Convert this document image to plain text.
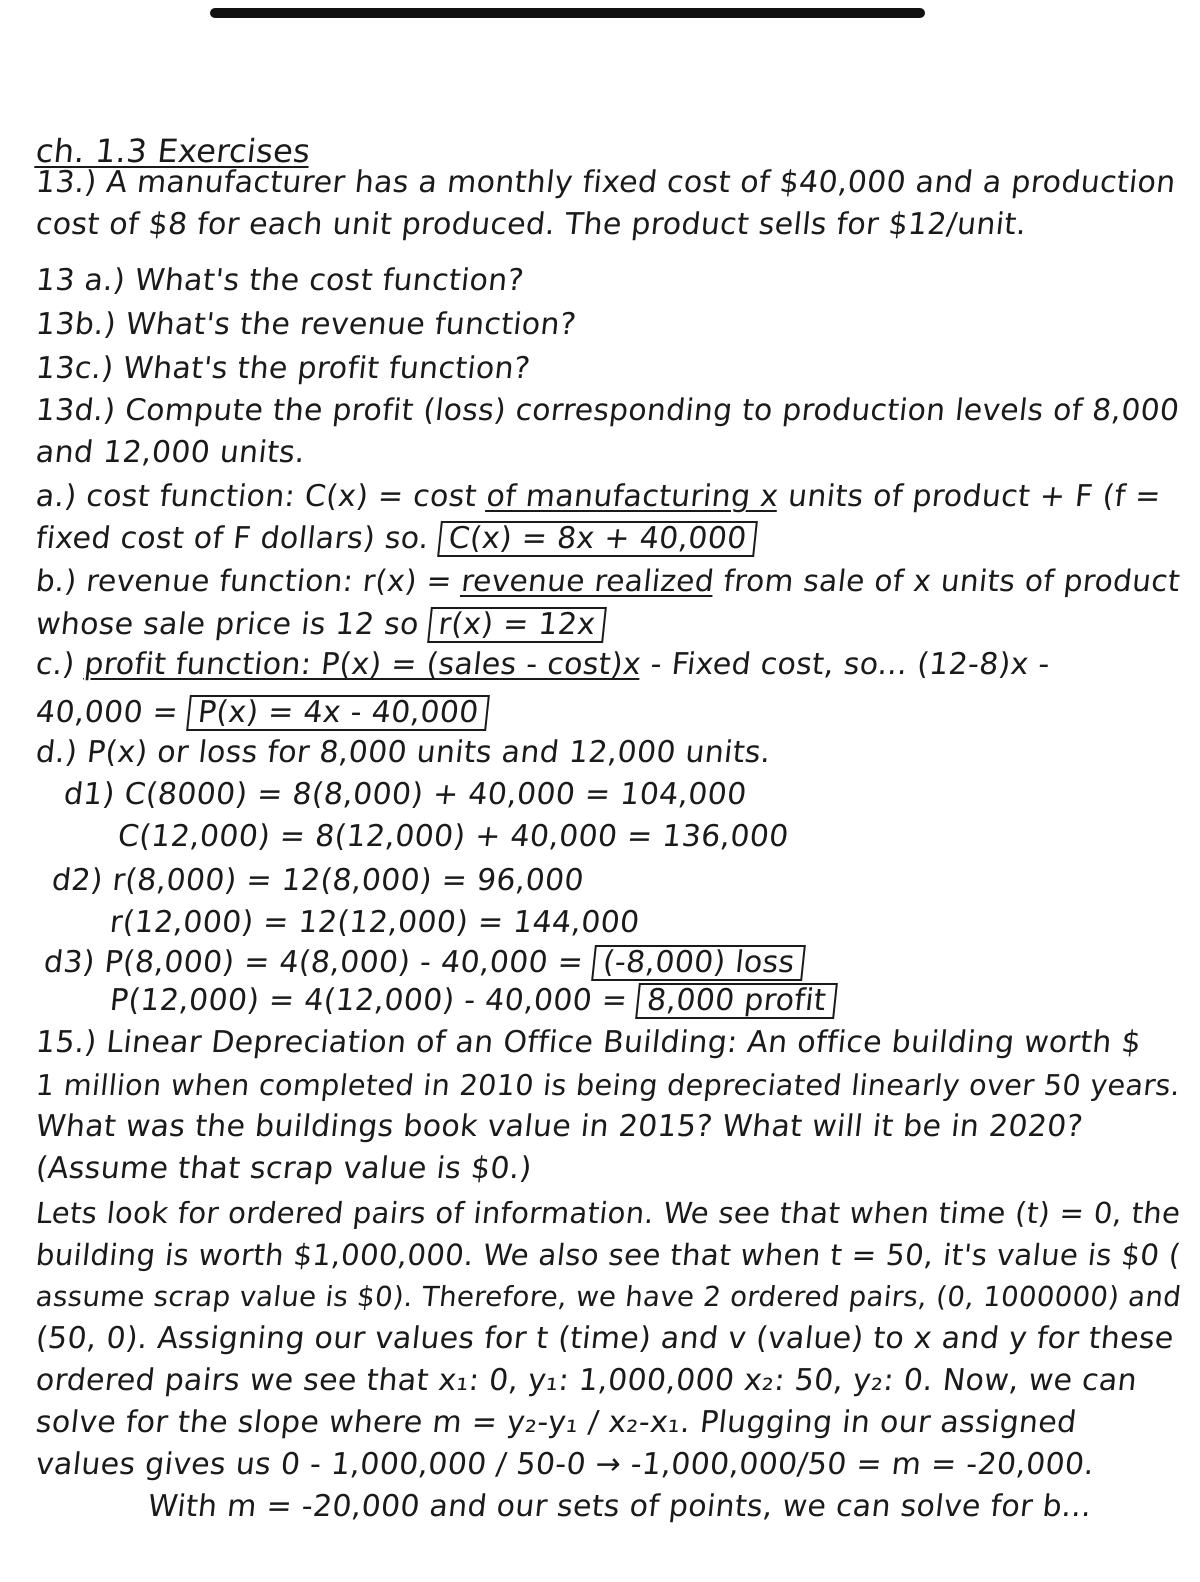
ch. 1.3 Exercises
13.) A manufacturer has a monthly fixed cost of $40,000 and a production
cost of $8 for each unit produced. The product sells for $12/unit.
13 a.) What's the cost function?
13b.) What's the revenue function?
13c.) What's the profit function?
13d.) Compute the profit (loss) corresponding to production levels of 8,000
and 12,000 units.
a.) cost function: C(x) = cost of manufacturing x units of product + F (f =
fixed cost of F dollars) so. C(x) = 8x + 40,000
b.) revenue function: r(x) = revenue realized from sale of x units of product
whose sale price is 12 so r(x) = 12x
c.) profit function: P(x) = (sales - cost)x - Fixed cost, so... (12-8)x -
40,000 = P(x) = 4x - 40,000
d.) P(x) or loss for 8,000 units and 12,000 units.
d1) C(8000) = 8(8,000) + 40,000 = 104,000
C(12,000) = 8(12,000) + 40,000 = 136,000
d2) r(8,000) = 12(8,000) = 96,000
r(12,000) = 12(12,000) = 144,000
d3) P(8,000) = 4(8,000) - 40,000 = (-8,000) loss
P(12,000) = 4(12,000) - 40,000 = 8,000 profit
15.) Linear Depreciation of an Office Building: An office building worth $
1 million when completed in 2010 is being depreciated linearly over 50 years.
What was the buildings book value in 2015? What will it be in 2020?
(Assume that scrap value is $0.)
Lets look for ordered pairs of information. We see that when time (t) = 0, the
building is worth $1,000,000. We also see that when t = 50, it's value is $0 (
assume scrap value is $0). Therefore, we have 2 ordered pairs, (0, 1000000) and
(50, 0). Assigning our values for t (time) and v (value) to x and y for these
ordered pairs we see that x₁: 0, y₁: 1,000,000 x₂: 50, y₂: 0. Now, we can
solve for the slope where m = y₂-y₁ / x₂-x₁. Plugging in our assigned
values gives us 0 - 1,000,000 / 50-0 → -1,000,000/50 = m = -20,000.
With m = -20,000 and our sets of points, we can solve for b...
